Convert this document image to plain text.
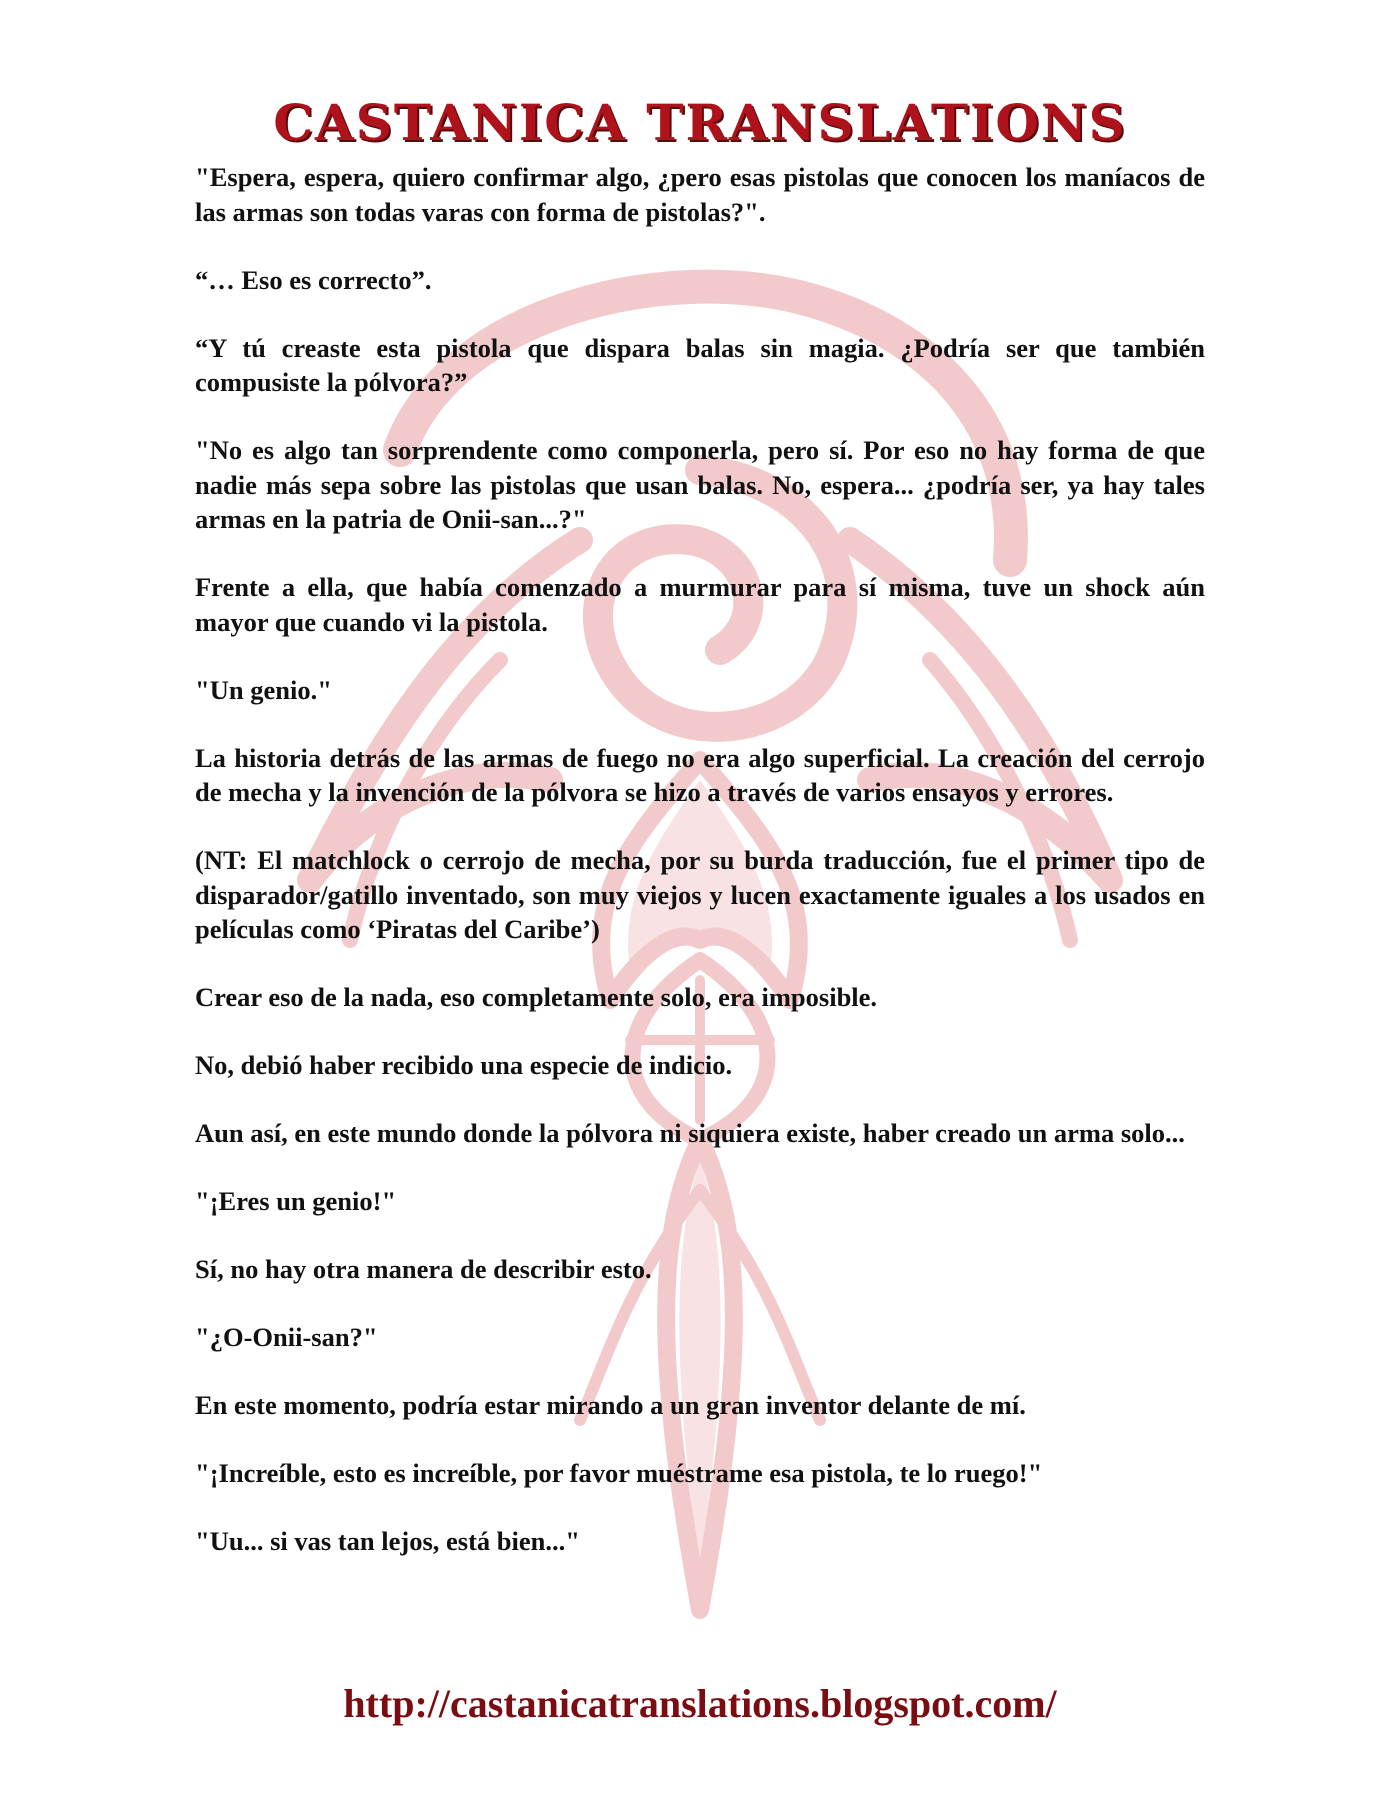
CASTANICA TRANSLATIONS

"Espera, espera, quiero confirmar algo, ¿pero esas pistolas que conocen los maníacos de las armas son todas varas con forma de pistolas?".

“… Eso es correcto”.

“Y tú creaste esta pistola que dispara balas sin magia. ¿Podría ser que también compusiste la pólvora?”

"No es algo tan sorprendente como componerla, pero sí. Por eso no hay forma de que nadie más sepa sobre las pistolas que usan balas. No, espera... ¿podría ser, ya hay tales armas en la patria de Onii-san...?"

Frente a ella, que había comenzado a murmurar para sí misma, tuve un shock aún mayor que cuando vi la pistola.

"Un genio."

La historia detrás de las armas de fuego no era algo superficial. La creación del cerrojo de mecha y la invención de la pólvora se hizo a través de varios ensayos y errores.

(NT: El matchlock o cerrojo de mecha, por su burda traducción, fue el primer tipo de disparador/gatillo inventado, son muy viejos y lucen exactamente iguales a los usados en películas como ‘Piratas del Caribe’)

Crear eso de la nada, eso completamente solo, era imposible.

No, debió haber recibido una especie de indicio.

Aun así, en este mundo donde la pólvora ni siquiera existe, haber creado un arma solo...

"¡Eres un genio!"

Sí, no hay otra manera de describir esto.

"¿O-Onii-san?"

En este momento, podría estar mirando a un gran inventor delante de mí.

"¡Increíble, esto es increíble, por favor muéstrame esa pistola, te lo ruego!"

"Uu... si vas tan lejos, está bien..."

http://castanicatranslations.blogspot.com/
